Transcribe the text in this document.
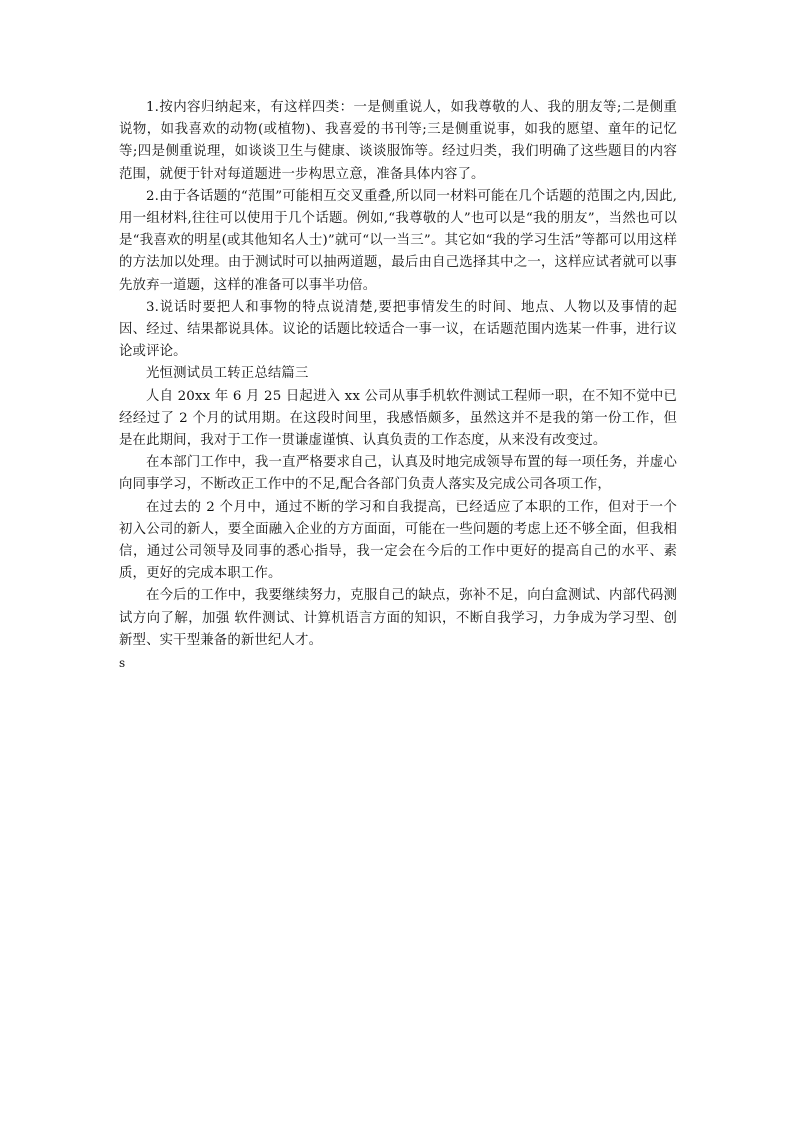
1.按内容归纳起来，有这样四类：一是侧重说人，如我尊敬的人、我的朋友等;二是侧重说物，如我喜欢的动物(或植物)、我喜爱的书刊等;三是侧重说事，如我的愿望、童年的记忆等;四是侧重说理，如谈谈卫生与健康、谈谈服饰等。经过归类，我们明确了这些题目的内容范围，就便于针对每道题进一步构思立意，准备具体内容了。

2.由于各话题的“范围”可能相互交叉重叠,所以同一材料可能在几个话题的范围之内,因此,用一组材料,往往可以使用于几个话题。例如,“我尊敬的人”也可以是“我的朋友”，当然也可以是“我喜欢的明星(或其他知名人士)”就可“以一当三”。其它如“我的学习生活”等都可以用这样的方法加以处理。由于测试时可以抽两道题，最后由自己选择其中之一，这样应试者就可以事先放弃一道题，这样的准备可以事半功倍。

3.说话时要把人和事物的特点说清楚,要把事情发生的时间、地点、人物以及事情的起因、经过、结果都说具体。议论的话题比较适合一事一议，在话题范围内选某一件事，进行议论或评论。

光恒测试员工转正总结篇三

人自 20xx 年 6 月 25 日起进入 xx 公司从事手机软件测试工程师一职，在不知不觉中已经经过了 2 个月的试用期。在这段时间里，我感悟颇多，虽然这并不是我的第一份工作，但是在此期间，我对于工作一贯谦虚谨慎、认真负责的工作态度，从来没有改变过。

在本部门工作中，我一直严格要求自己，认真及时地完成领导布置的每一项任务，并虚心向同事学习，不断改正工作中的不足,配合各部门负责人落实及完成公司各项工作，

在过去的 2 个月中，通过不断的学习和自我提高，已经适应了本职的工作，但对于一个初入公司的新人，要全面融入企业的方方面面，可能在一些问题的考虑上还不够全面，但我相信，通过公司领导及同事的悉心指导，我一定会在今后的工作中更好的提高自己的水平、素质，更好的完成本职工作。

在今后的工作中，我要继续努力，克服自己的缺点，弥补不足，向白盒测试、内部代码测试方向了解，加强 软件测试、计算机语言方面的知识，不断自我学习，力争成为学习型、创新型、实干型兼备的新世纪人才。

s
